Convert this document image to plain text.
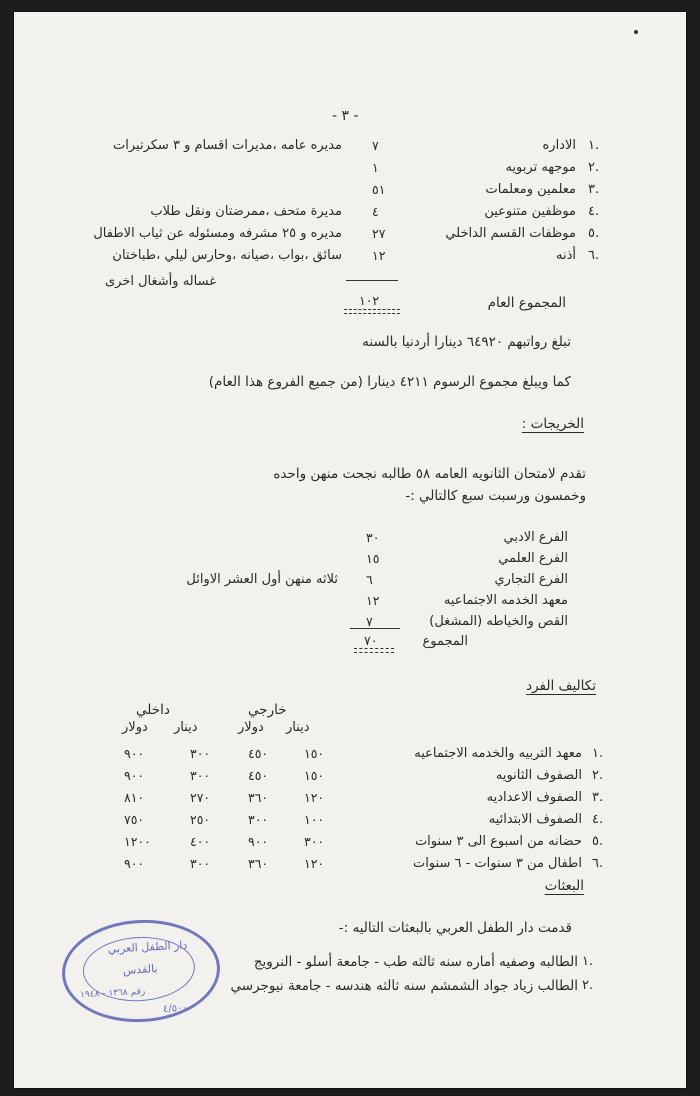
- ٣ -
١.
الاداره
٧
مديره عامه ،مديرات اقسام و ٣ سكرتيرات
٢.
موجهه تربويه
١
٣.
معلمين ومعلمات
٥١
٤.
موظفين متنوعين
٤
مديرة متحف ،ممرضتان ونقل طلاب
٥.
موظفات القسم الداخلي
٢٧
مديره و ٢٥ مشرفه ومسئوله عن ثياب الاطفال
٦.
أذنه
١٢
سائق ،بواب ،صيانه ،وحارس ليلي ،طباختان
غساله وأشغال اخرى
المجموع العام
١٠٢
تبلغ رواتبهم ٦٤٩٢٠ دينارا أردنيا بالسنه
كما ويبلغ مجموع الرسوم ٤٢١١ دينارا (من جميع الفروع هذا العام)
الخريجات :
تقدم لامتحان الثانويه العامه ٥٨ طالبه نجحت منهن واحده
وخمسون ورسبت سبع كالتالي :-
الفرع الادبي
٣٠
الفرع العلمي
١٥
الفرع التجاري
٦
ثلاثه منهن أول العشر الاوائل
معهد الخدمه الاجتماعيه
١٢
القص والخياطه (المشغل)
٧
المجموع
٧٠
تكاليف الفرد
خارجي
داخلي
دينار
دولار
دينار
دولار
١.
معهد التربيه والخدمه الاجتماعيه
١٥٠
٤٥٠
٣٠٠
٩٠٠
٢.
الصفوف الثانويه
١٥٠
٤٥٠
٣٠٠
٩٠٠
٣.
الصفوف الاعداديه
١٢٠
٣٦٠
٢٧٠
٨١٠
٤.
الصفوف الابتدائيه
١٠٠
٣٠٠
٢٥٠
٧٥٠
٥.
حضانه من اسبوع الى ٣ سنوات
٣٠٠
٩٠٠
٤٠٠
١٢٠٠
٦.
اطفال من ٣ سنوات - ٦ سنوات
١٢٠
٣٦٠
٣٠٠
٩٠٠
البعثات
قدمت دار الطفل العربي بالبعثات التاليه :-
١.
الطالبه وصفيه أماره سنه ثالثه طب - جامعة أسلو - النرويج
٢.
الطالب زياد جواد الشمشم سنه ثالثه هندسه - جامعة نيوجرسي
دار الطفل العربي
بالقدس
رقم ١٣٦٨ - ١٩٤٨
٤/٥٠٠
